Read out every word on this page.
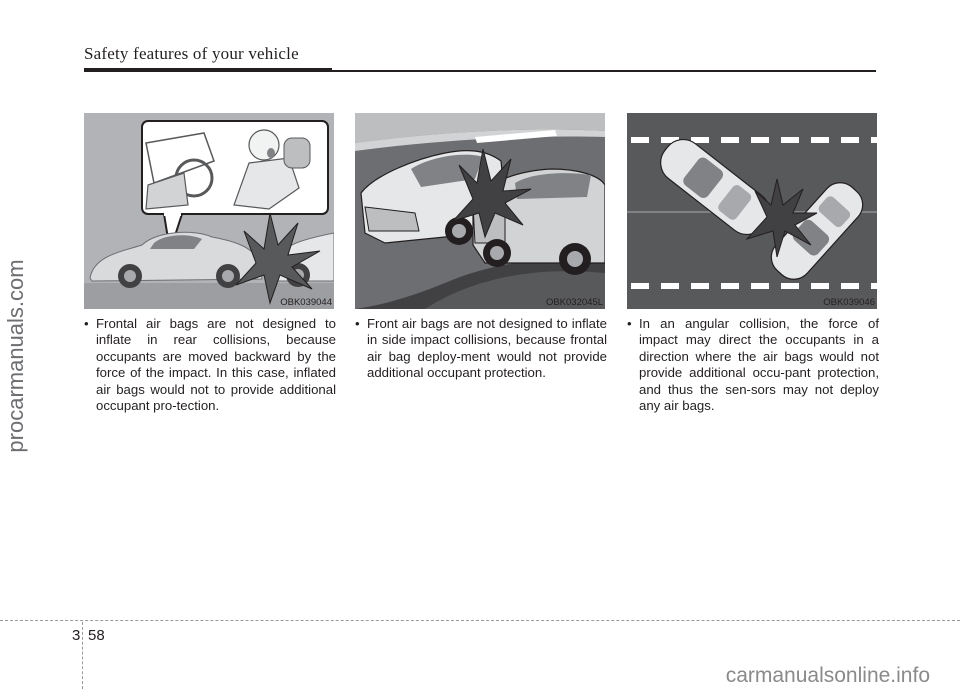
Safety features of your vehicle
procarmanuals.com	OBK039044	OBK032045L	OBK039046
• Frontal air bags are not designed to inflate in rear collisions, because occupants are moved backward by the force of the impact. In this case, inflated air bags would not to provide additional occupant pro-tection.
• Front air bags are not designed to inflate in side impact collisions, because frontal air bag deploy-ment would not provide additional occupant protection.
• In an angular collision, the force of impact may direct the occupants in a direction where the air bags would not provide additional occu-pant protection, and thus the sen-sors may not deploy any air bags.
3 58
carmanualsonline.info
